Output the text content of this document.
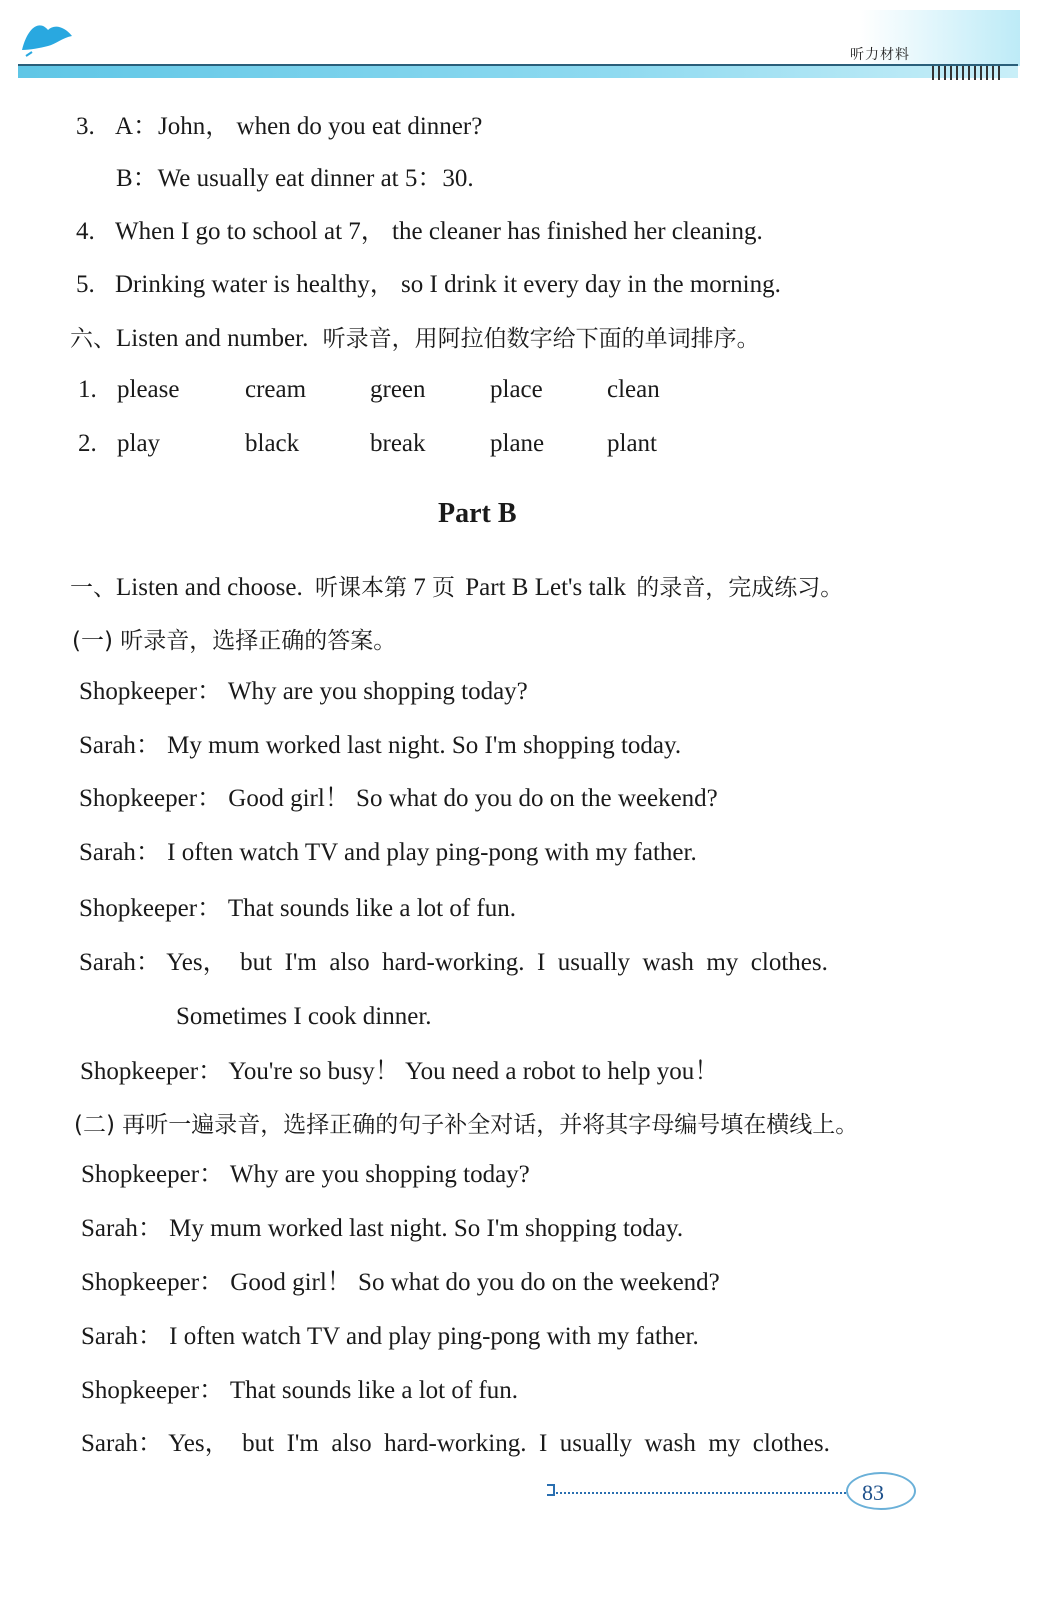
听力材料
3. A：John， when do you eat dinner?
B：We usually eat dinner at 5：30.
4. When I go to school at 7， the cleaner has finished her cleaning.
5. Drinking water is healthy， so I drink it every day in the morning.
六、Listen and number. 听录音，用阿拉伯数字给下面的单词排序。
1. please	cream	green	place	clean
2. play	black	break	plane	plant
Part B
一、Listen and choose. 听课本第 7 页 Part B Let's talk 的录音，完成练习。
(一) 听录音，选择正确的答案。
Shopkeeper： Why are you shopping today?
Sarah： My mum worked last night. So I'm shopping today.
Shopkeeper： Good girl！ So what do you do on the weekend?
Sarah： I often watch TV and play ping-pong with my father.
Shopkeeper： That sounds like a lot of fun.
Sarah： Yes，  but  I'm  also  hard-working.  I  usually  wash  my  clothes.
Sometimes I cook dinner.
Shopkeeper： You're so busy！ You need a robot to help you！
(二) 再听一遍录音，选择正确的句子补全对话，并将其字母编号填在横线上。
Shopkeeper： Why are you shopping today?
Sarah： My mum worked last night. So I'm shopping today.
Shopkeeper： Good girl！ So what do you do on the weekend?
Sarah： I often watch TV and play ping-pong with my father.
Shopkeeper： That sounds like a lot of fun.
Sarah： Yes，  but  I'm  also  hard-working.  I  usually  wash  my  clothes.
83
